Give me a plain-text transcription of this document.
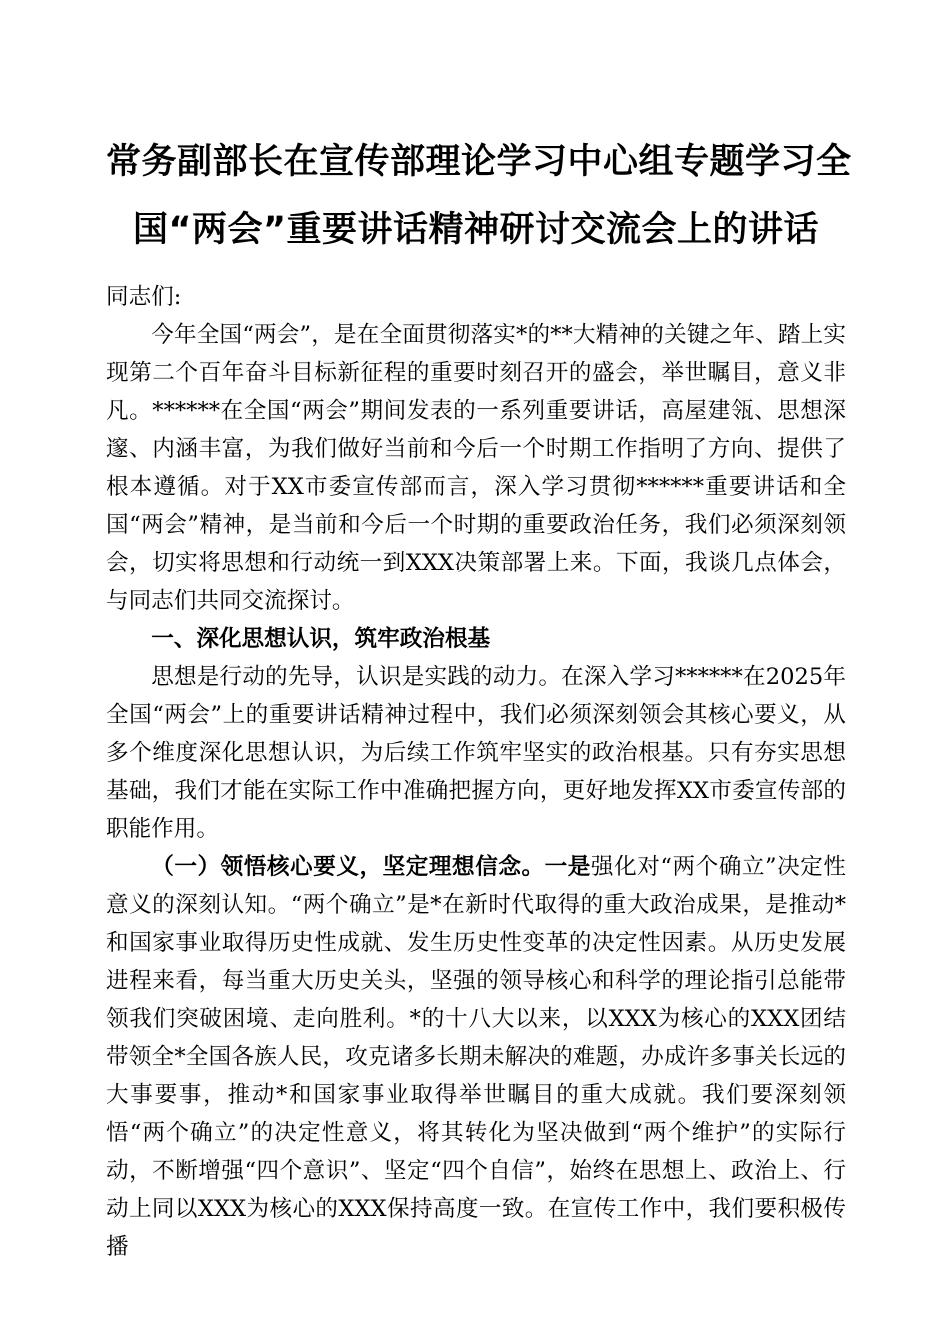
常务副部长在宣传部理论学习中心组专题学习全
国“两会”重要讲话精神研讨交流会上的讲话

同志们:

今年全国“两会”，是在全面贯彻落实*的**大精神的关键之年、踏上实现第二个百年奋斗目标新征程的重要时刻召开的盛会，举世瞩目，意义非凡。******在全国“两会”期间发表的一系列重要讲话，高屋建瓴、思想深邃、内涵丰富，为我们做好当前和今后一个时期工作指明了方向、提供了根本遵循。对于XX市委宣传部而言，深入学习贯彻******重要讲话和全国“两会”精神，是当前和今后一个时期的重要政治任务，我们必须深刻领会，切实将思想和行动统一到XXX决策部署上来。下面，我谈几点体会，与同志们共同交流探讨。

一、深化思想认识，筑牢政治根基

思想是行动的先导，认识是实践的动力。在深入学习******在2025年全国“两会”上的重要讲话精神过程中，我们必须深刻领会其核心要义，从多个维度深化思想认识，为后续工作筑牢坚实的政治根基。只有夯实思想基础，我们才能在实际工作中准确把握方向，更好地发挥XX市委宣传部的职能作用。

（一）领悟核心要义，坚定理想信念。一是强化对“两个确立”决定性意义的深刻认知。“两个确立”是*在新时代取得的重大政治成果，是推动*和国家事业取得历史性成就、发生历史性变革的决定性因素。从历史发展进程来看，每当重大历史关头，坚强的领导核心和科学的理论指引总能带领我们突破困境、走向胜利。*的十八大以来，以XXX为核心的XXX团结带领全*全国各族人民，攻克诸多长期未解决的难题，办成许多事关长远的大事要事，推动*和国家事业取得举世瞩目的重大成就。我们要深刻领悟“两个确立”的决定性意义，将其转化为坚决做到“两个维护”的实际行动，不断增强“四个意识”、坚定“四个自信”，始终在思想上、政治上、行动上同以XXX为核心的XXX保持高度一致。在宣传工作中，我们要积极传播
